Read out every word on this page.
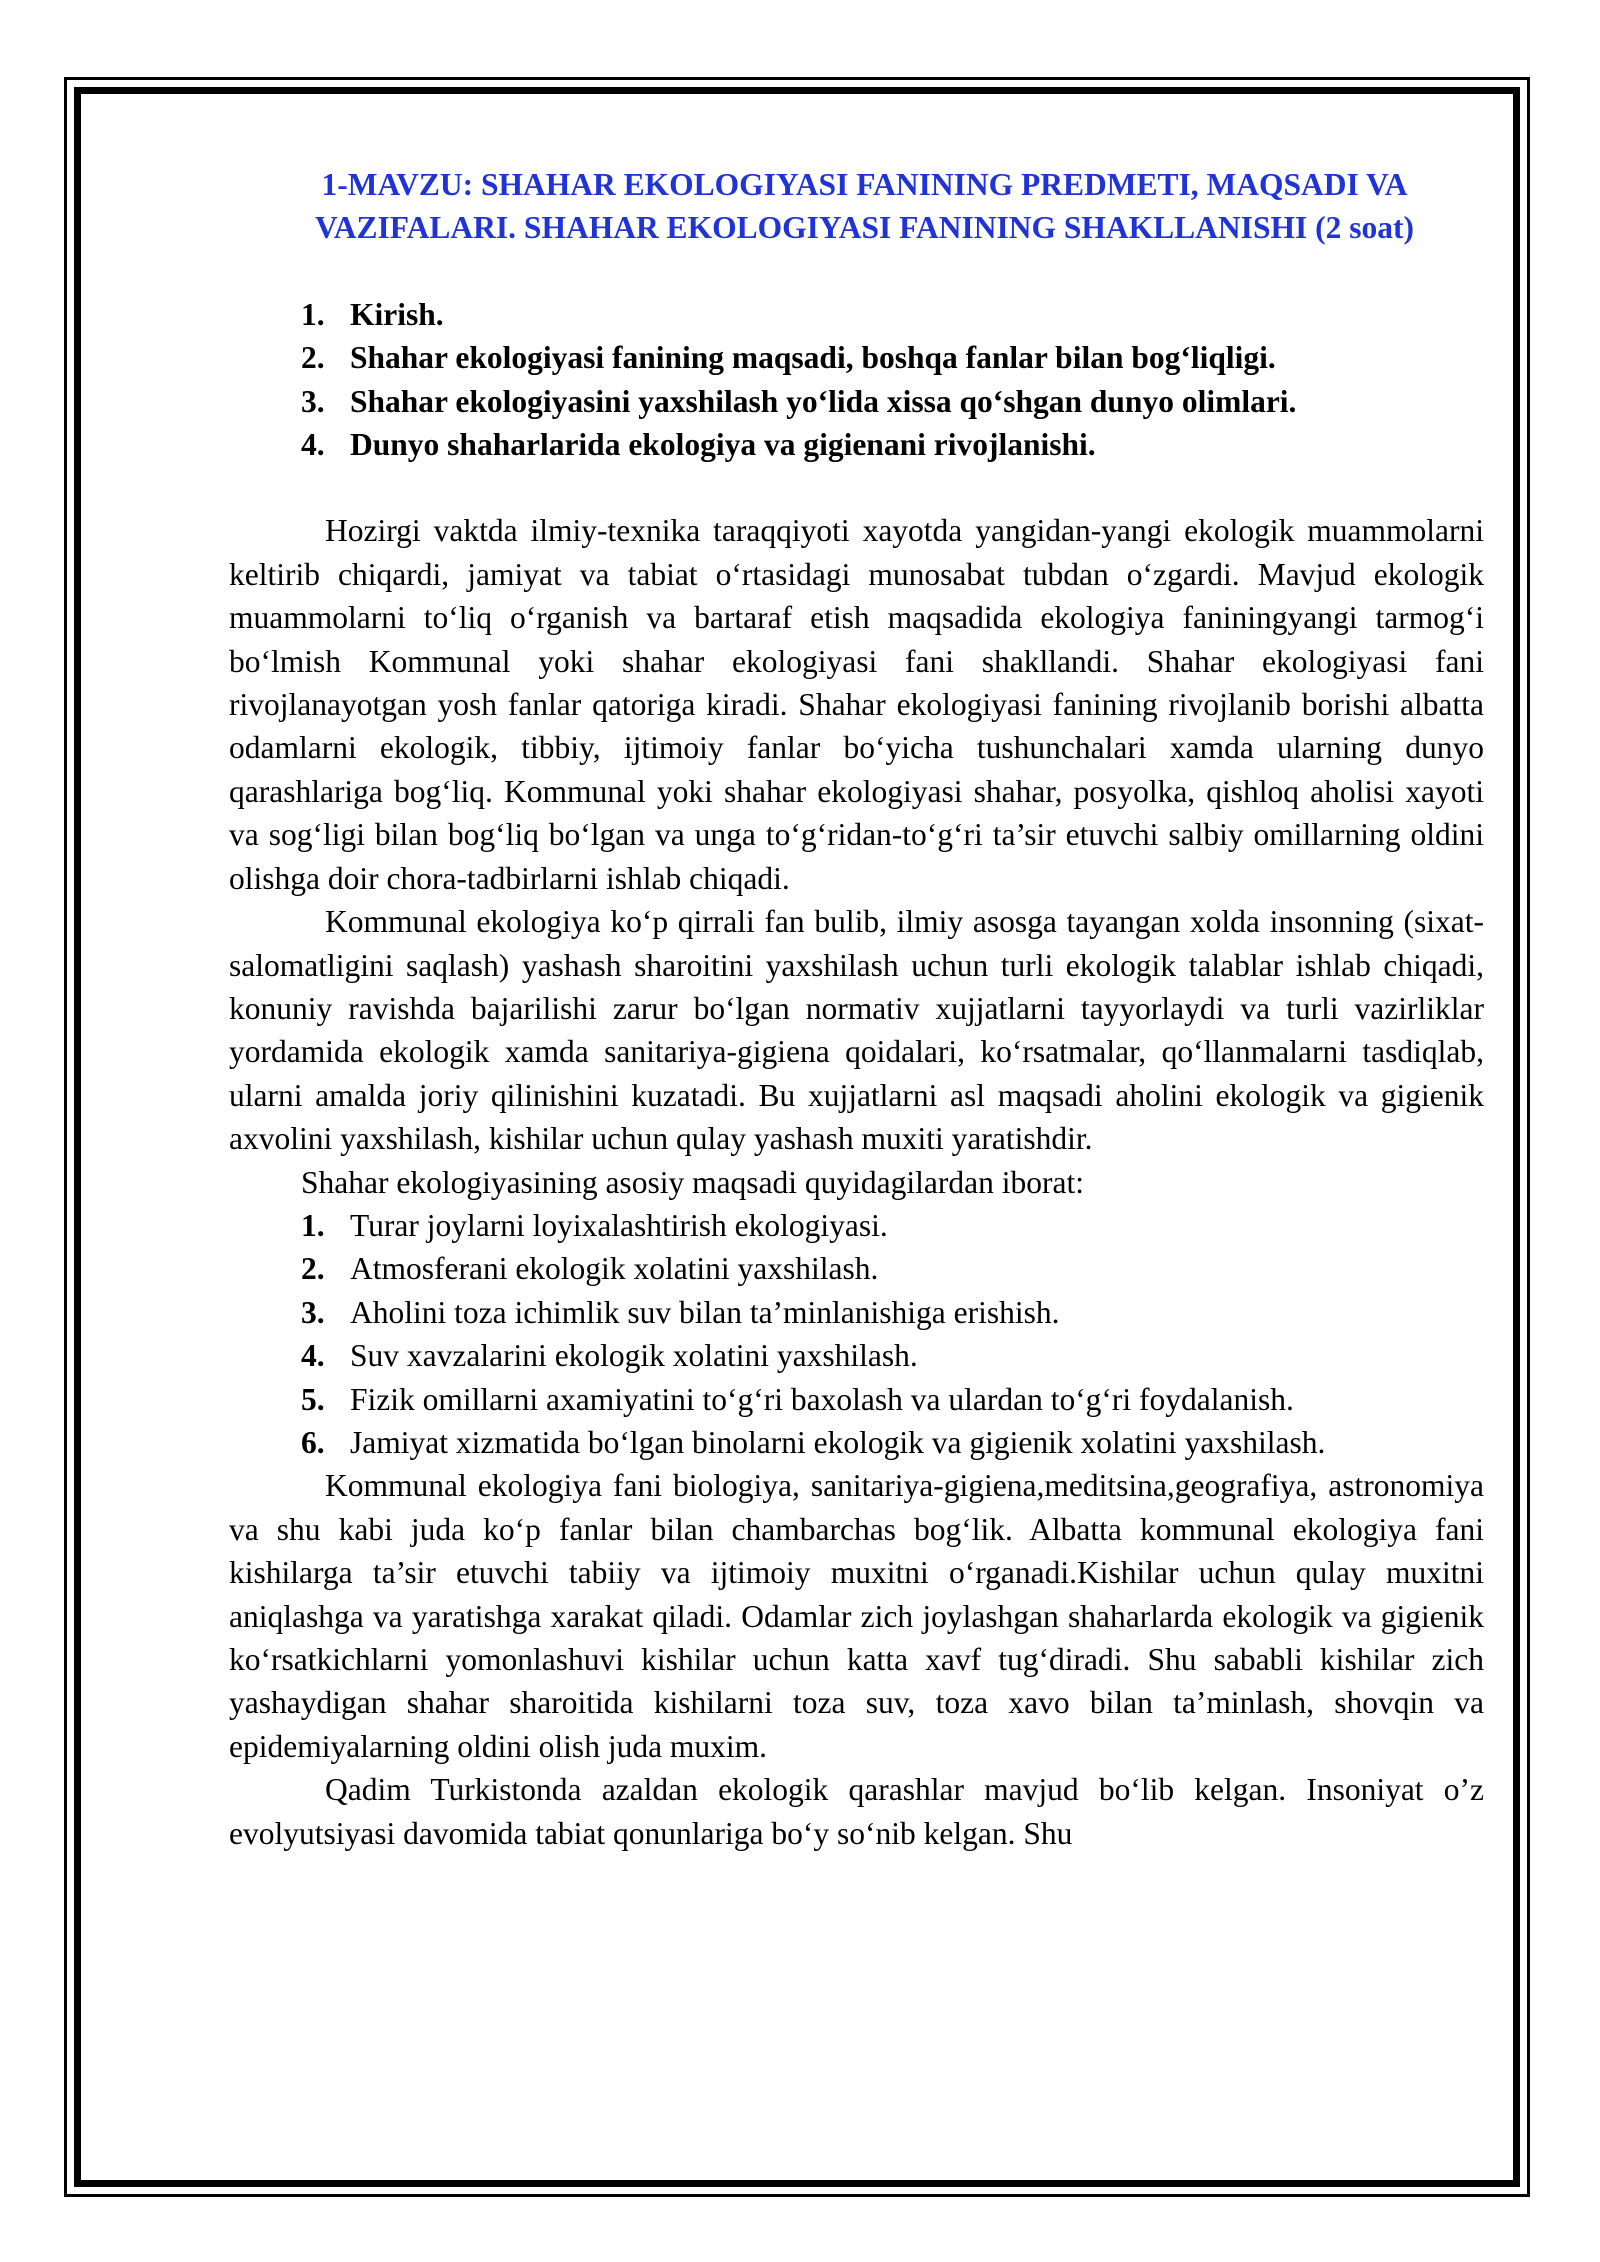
1-MAVZU: SHAHAR EKOLOGIYASI FANINING PREDMETI, MAQSADI VA VAZIFALARI. SHAHAR EKOLOGIYASI FANINING SHAKLLANISHI (2 soat)
1. Kirish.
2. Shahar ekologiyasi fanining maqsadi, boshqa fanlar bilan bog‘liqligi.
3. Shahar ekologiyasini yaxshilash yo‘lida xissa qo‘shgan dunyo olimlari.
4. Dunyo shaharlarida ekologiya va gigienani rivojlanishi.

Hozirgi vaktda ilmiy-texnika taraqqiyoti xayotda yangidan-yangi ekologik muammolarni keltirib chiqardi, jamiyat va tabiat o‘rtasidagi munosabat tubdan o‘zgardi. Mavjud ekologik muammolarni to‘liq o‘rganish va bartaraf etish maqsadida ekologiya faniningyangi tarmog‘i bo‘lmish Kommunal yoki shahar ekologiyasi fani shakllandi. Shahar ekologiyasi fani rivojlanayotgan yosh fanlar qatoriga kiradi. Shahar ekologiyasi fanining rivojlanib borishi albatta odamlarni ekologik, tibbiy, ijtimoiy fanlar bo‘yicha tushunchalari xamda ularning dunyo qarashlariga bog‘liq. Kommunal yoki shahar ekologiyasi shahar, posyolka, qishloq aholisi xayoti va sog‘ligi bilan bog‘liq bo‘lgan va unga to‘g‘ridan-to‘g‘ri ta’sir etuvchi salbiy omillarning oldini olishga doir chora-tadbirlarni ishlab chiqadi.

Kommunal ekologiya ko‘p qirrali fan bulib, ilmiy asosga tayangan xolda insonning (sixat-salomatligini saqlash) yashash sharoitini yaxshilash uchun turli ekologik talablar ishlab chiqadi, konuniy ravishda bajarilishi zarur bo‘lgan normativ xujjatlarni tayyorlaydi va turli vazirliklar yordamida ekologik xamda sanitariya-gigiena qoidalari, ko‘rsatmalar, qo‘llanmalarni tasdiqlab, ularni amalda joriy qilinishini kuzatadi. Bu xujjatlarni asl maqsadi aholini ekologik va gigienik axvolini yaxshilash, kishilar uchun qulay yashash muxiti yaratishdir.

Shahar ekologiyasining asosiy maqsadi quyidagilardan iborat:

1. Turar joylarni loyixalashtirish ekologiyasi.
2. Atmosferani ekologik xolatini yaxshilash.
3. Aholini toza ichimlik suv bilan ta’minlanishiga erishish.
4. Suv xavzalarini ekologik xolatini yaxshilash.
5. Fizik omillarni axamiyatini to‘g‘ri baxolash va ulardan to‘g‘ri foydalanish.
6. Jamiyat xizmatida bo‘lgan binolarni ekologik va gigienik xolatini yaxshilash.

Kommunal ekologiya fani biologiya, sanitariya-gigiena,meditsina,geografiya, astronomiya va shu kabi juda ko‘p fanlar bilan chambarchas bog‘lik. Albatta kommunal ekologiya fani kishilarga ta’sir etuvchi tabiiy va ijtimoiy muxitni o‘rganadi.Kishilar uchun qulay muxitni aniqlashga va yaratishga xarakat qiladi. Odamlar zich joylashgan shaharlarda ekologik va gigienik ko‘rsatkichlarni yomonlashuvi kishilar uchun katta xavf tug‘diradi. Shu sababli kishilar zich yashaydigan shahar sharoitida kishilarni toza suv, toza xavo bilan ta’minlash, shovqin va epidemiyalarning oldini olish juda muxim.

Qadim Turkistonda azaldan ekologik qarashlar mavjud bo‘lib kelgan. Insoniyat o’z evolyutsiyasi davomida tabiat qonunlariga bo‘y so‘nib kelgan. Shu
